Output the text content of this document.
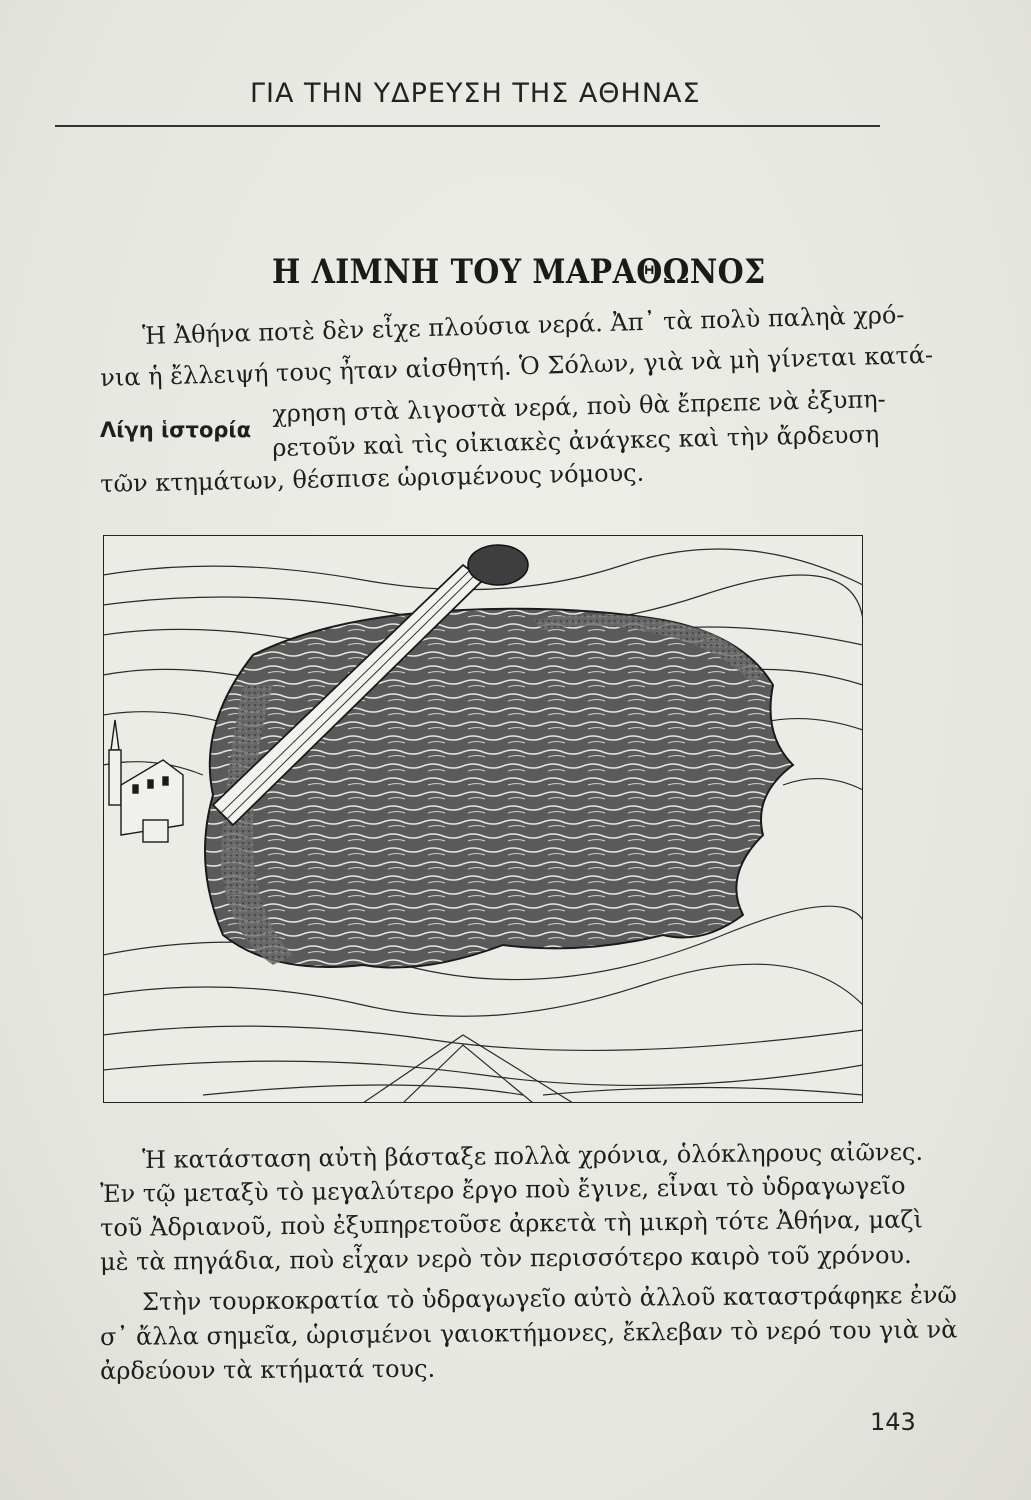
ΓΙΑ ΤΗΝ ΥΔΡΕΥΣΗ ΤΗΣ ΑΘΗΝΑΣ
Η ΛΙΜΝΗ ΤΟΥ ΜΑΡΑΘΩΝΟΣ
Ἡ Ἀθήνα ποτὲ δὲν εἶχε πλούσια νερά. Ἀπ᾽ τὰ πολὺ παληὰ χρό-
νια ἡ ἔλλειψή τους ἦταν αἰσθητή. Ὁ Σόλων, γιὰ νὰ μὴ γίνεται κατά-
χρηση στὰ λιγοστὰ νερά, ποὺ θὰ ἔπρεπε νὰ ἐξυπη-
ρετοῦν καὶ τὶς οἰκιακὲς ἀνάγκες καὶ τὴν ἄρδευση
τῶν κτημάτων, θέσπισε ὡρισμένους νόμους.
Λίγη ἱστορία
Ἡ κατάσταση αὐτὴ βάσταξε πολλὰ χρόνια, ὁλόκληρους αἰῶνες.
Ἐν τῷ μεταξὺ τὸ μεγαλύτερο ἔργο ποὺ ἔγινε, εἶναι τὸ ὑδραγωγεῖο
τοῦ Ἀδριανοῦ, ποὺ ἐξυπηρετοῦσε ἀρκετὰ τὴ μικρὴ τότε Ἀθήνα, μαζὶ
μὲ τὰ πηγάδια, ποὺ εἶχαν νερὸ τὸν περισσότερο καιρὸ τοῦ χρόνου.
Στὴν τουρκοκρατία τὸ ὑδραγωγεῖο αὐτὸ ἀλλοῦ καταστράφηκε ἐνῶ
σ᾽ ἄλλα σημεῖα, ὡρισμένοι γαιοκτήμονες, ἔκλεβαν τὸ νερό του γιὰ νὰ
ἀρδεύουν τὰ κτήματά τους.
143
